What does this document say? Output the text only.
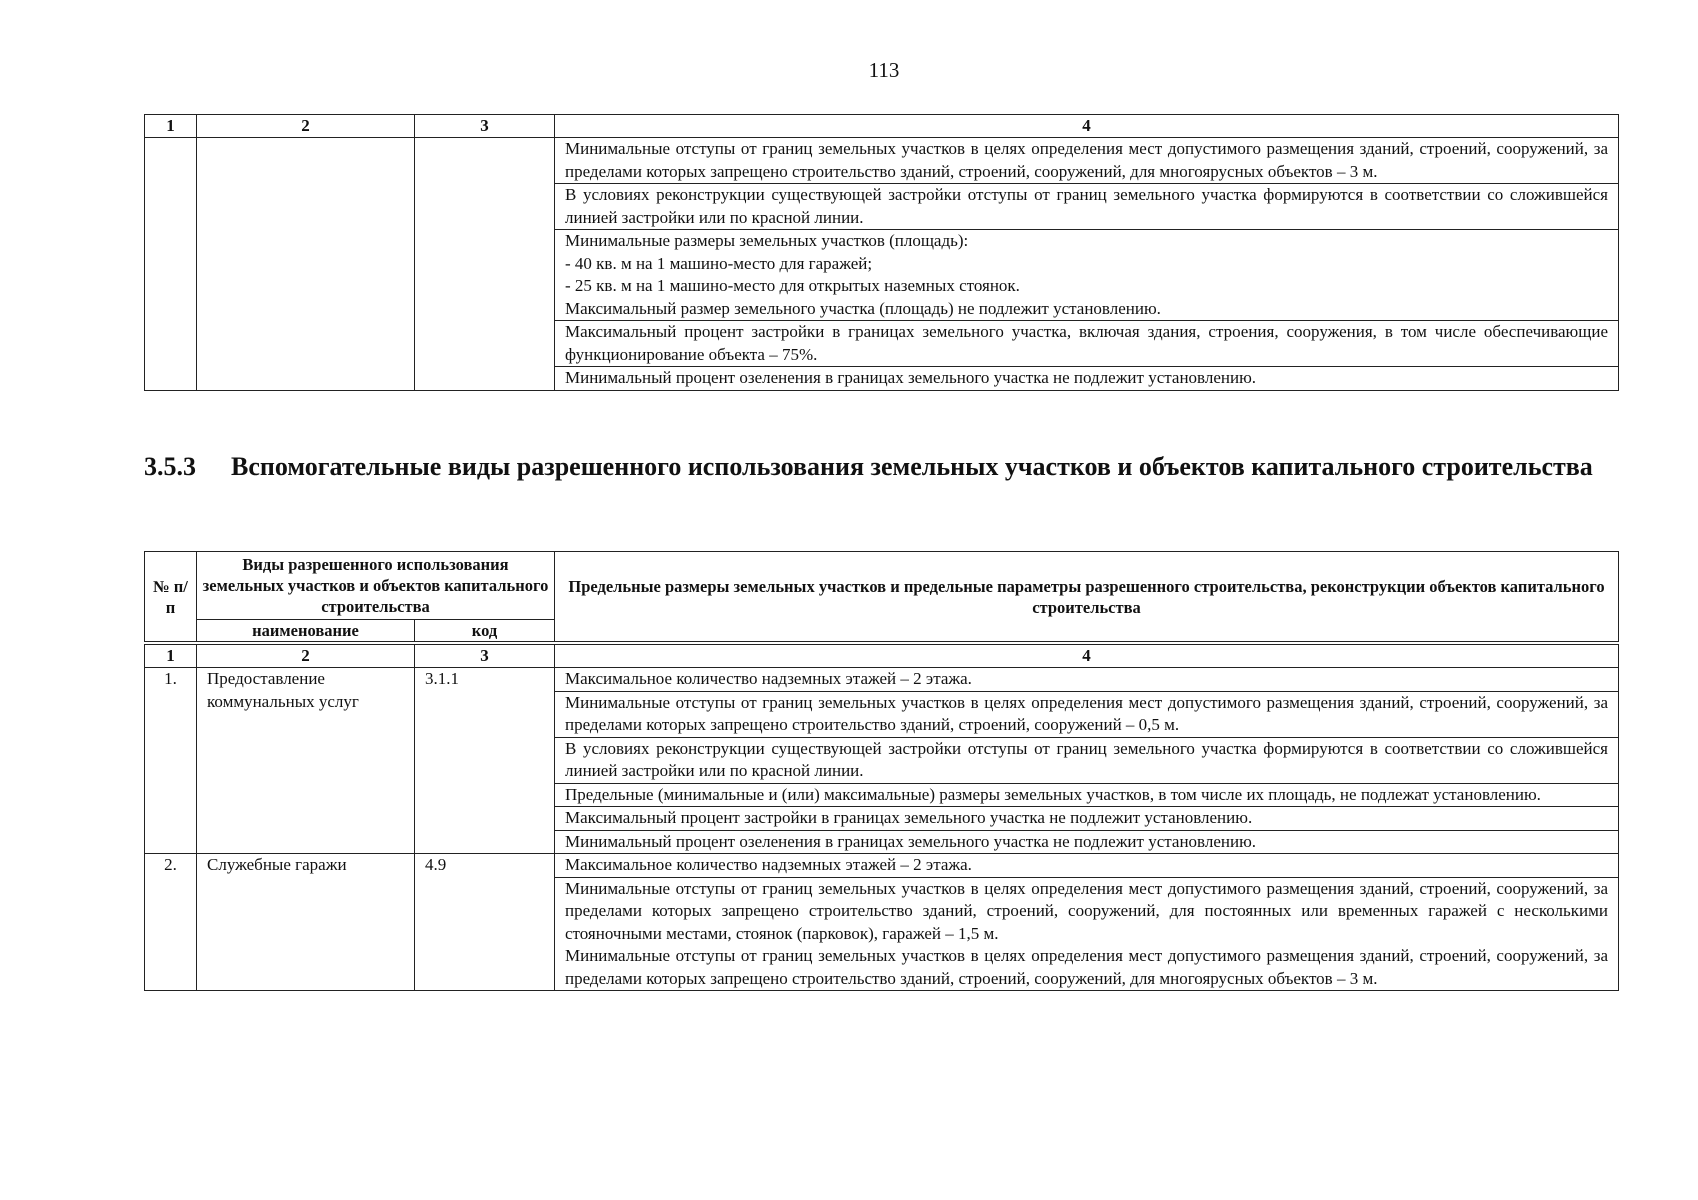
113
1	2	3	4
			Минимальные отступы от границ земельных участков в целях определения мест допустимого размещения зданий, строений, сооружений, за пределами которых запрещено строительство зданий, строений, сооружений, для многоярусных объектов – 3 м.
			В условиях реконструкции существующей застройки отступы от границ земельного участка формируются в соответствии со сложившейся линией застройки или по красной линии.

			Минимальные размеры земельных участков (площадь):
- 40 кв. м на 1 машино-место для гаражей;
- 25 кв. м на 1 машино-место для открытых наземных стоянок.
Максимальный размер земельного участка (площадь) не подлежит установлению.

			Максимальный процент застройки в границах земельного участка, включая здания, строения, сооружения, в том числе обеспечивающие функционирование объекта – 75%.
			Минимальный процент озеленения в границах земельного участка не подлежит установлению.
3.5.3 Вспомогательные виды разрешенного использования земельных участков и объектов капитального строительства
№ п/п	Виды разрешенного использования земельных участков и объектов капитального строительства		Предельные размеры земельных участков и предельные параметры разрешенного строительства, реконструкции объектов капитального строительства
	наименование	код	

1	2	3	4
1.	Предоставление коммунальных услуг	3.1.1	Максимальное количество надземных этажей – 2 этажа.
			Минимальные отступы от границ земельных участков в целях определения мест допустимого размещения зданий, строений, сооружений, за пределами которых запрещено строительство зданий, строений, сооружений – 0,5 м.
			В условиях реконструкции существующей застройки отступы от границ земельного участка формируются в соответствии со сложившейся линией застройки или по красной линии.
			Предельные (минимальные и (или) максимальные) размеры земельных участков, в том числе их площадь, не подлежат установлению.
			Максимальный процент застройки в границах земельного участка не подлежит установлению.
			Минимальный процент озеленения в границах земельного участка не подлежит установлению.
2.	Служебные гаражи	4.9	Максимальное количество надземных этажей – 2 этажа.

			Минимальные отступы от границ земельных участков в целях определения мест допустимого размещения зданий, строений, сооружений, за пределами которых запрещено строительство зданий, строений, сооружений, для постоянных или временных гаражей с несколькими стояночными местами, стоянок (парковок), гаражей – 1,5 м.
Минимальные отступы от границ земельных участков в целях определения мест допустимого размещения зданий, строений, сооружений, за пределами которых запрещено строительство зданий, строений, сооружений, для многоярусных объектов – 3 м.
